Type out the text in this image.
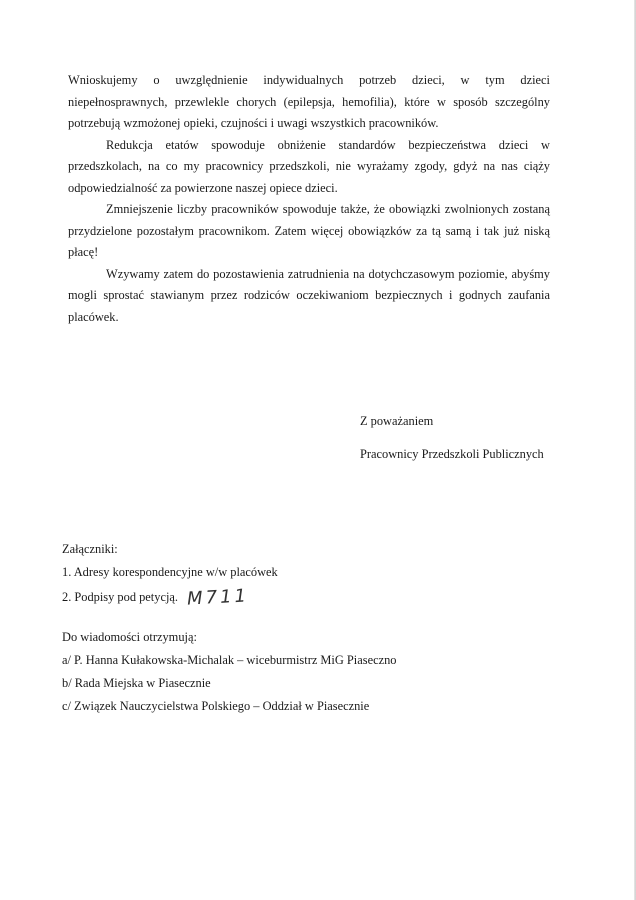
Wnioskujemy o uwzględnienie indywidualnych potrzeb dzieci, w tym dzieci niepełnosprawnych, przewlekle chorych (epilepsja, hemofilia), które w sposób szczególny potrzebują wzmożonej opieki, czujności i uwagi wszystkich pracowników.

Redukcja etatów spowoduje obniżenie standardów bezpieczeństwa dzieci w przedszkolach, na co my pracownicy przedszkoli, nie wyrażamy zgody, gdyż na nas ciąży odpowiedzialność za powierzone naszej opiece dzieci.

Zmniejszenie liczby pracowników spowoduje także, że obowiązki zwolnionych zostaną przydzielone pozostałym pracownikom. Zatem więcej obowiązków za tą samą i tak już niską płacę!

Wzywamy zatem do pozostawienia zatrudnienia na dotychczasowym poziomie, abyśmy mogli sprostać stawianym przez rodziców oczekiwaniom bezpiecznych i godnych zaufania placówek.

Z poważaniem
Pracownicy Przedszkoli Publicznych
Załączniki:
1. Adresy korespondencyjne w/w placówek
2. Podpisy pod petycją. M711
Do wiadomości otrzymują:
a/ P. Hanna Kułakowska-Michalak – wiceburmistrz MiG Piaseczno
b/ Rada Miejska w Piasecznie
c/ Związek Nauczycielstwa Polskiego – Oddział w Piasecznie
